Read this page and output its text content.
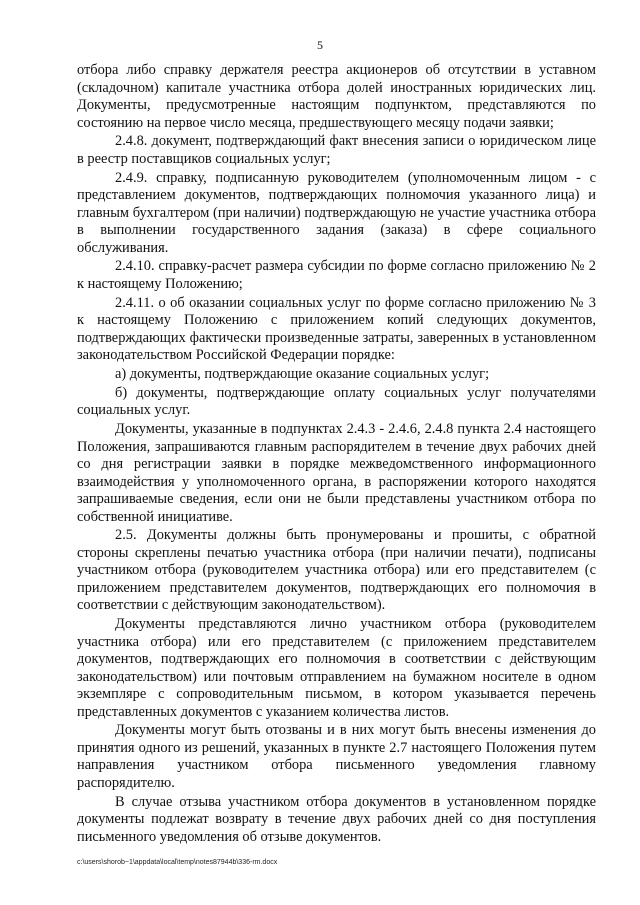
5

отбора либо справку держателя реестра акционеров об отсутствии в уставном (складочном) капитале участника отбора долей иностранных юридических лиц. Документы, предусмотренные настоящим подпунктом, представляются по состоянию на первое число месяца, предшествующего месяцу подачи заявки;

2.4.8. документ, подтверждающий факт внесения записи о юридическом лице в реестр поставщиков социальных услуг;

2.4.9. справку, подписанную руководителем (уполномоченным лицом - с представлением документов, подтверждающих полномочия указанного лица) и главным бухгалтером (при наличии) подтверждающую не участие участника отбора в выполнении государственного задания (заказа) в сфере социального обслуживания.

2.4.10. справку-расчет размера субсидии по форме согласно приложению № 2 к настоящему Положению;

2.4.11. о об оказании социальных услуг по форме согласно приложению № 3 к настоящему Положению с приложением копий следующих документов, подтверждающих фактически произведенные затраты, заверенных в установленном законодательством Российской Федерации порядке:

а) документы, подтверждающие оказание социальных услуг;

б) документы, подтверждающие оплату социальных услуг получателями социальных услуг.

Документы, указанные в подпунктах 2.4.3 - 2.4.6, 2.4.8 пункта 2.4 настоящего Положения, запрашиваются главным распорядителем в течение двух рабочих дней со дня регистрации заявки в порядке межведомственного информационного взаимодействия у уполномоченного органа, в распоряжении которого находятся запрашиваемые сведения, если они не были представлены участником отбора по собственной инициативе.

2.5. Документы должны быть пронумерованы и прошиты, с обратной стороны скреплены печатью участника отбора (при наличии печати), подписаны участником отбора (руководителем участника отбора) или его представителем (с приложением представителем документов, подтверждающих его полномочия в соответствии с действующим законодательством).

Документы представляются лично участником отбора (руководителем участника отбора) или его представителем (с приложением представителем документов, подтверждающих его полномочия в соответствии с действующим законодательством) или почтовым отправлением на бумажном носителе в одном экземпляре с сопроводительным письмом, в котором указывается перечень представленных документов с указанием количества листов.

Документы могут быть отозваны и в них могут быть внесены изменения до принятия одного из решений, указанных в пункте 2.7 настоящего Положения путем направления участником отбора письменного уведомления главному распорядителю.

В случае отзыва участником отбора документов в установленном порядке документы подлежат возврату в течение двух рабочих дней со дня поступления письменного уведомления об отзыве документов.

c:\users\shorob~1\appdata\local\temp\notes87944b\336-rm.docx
